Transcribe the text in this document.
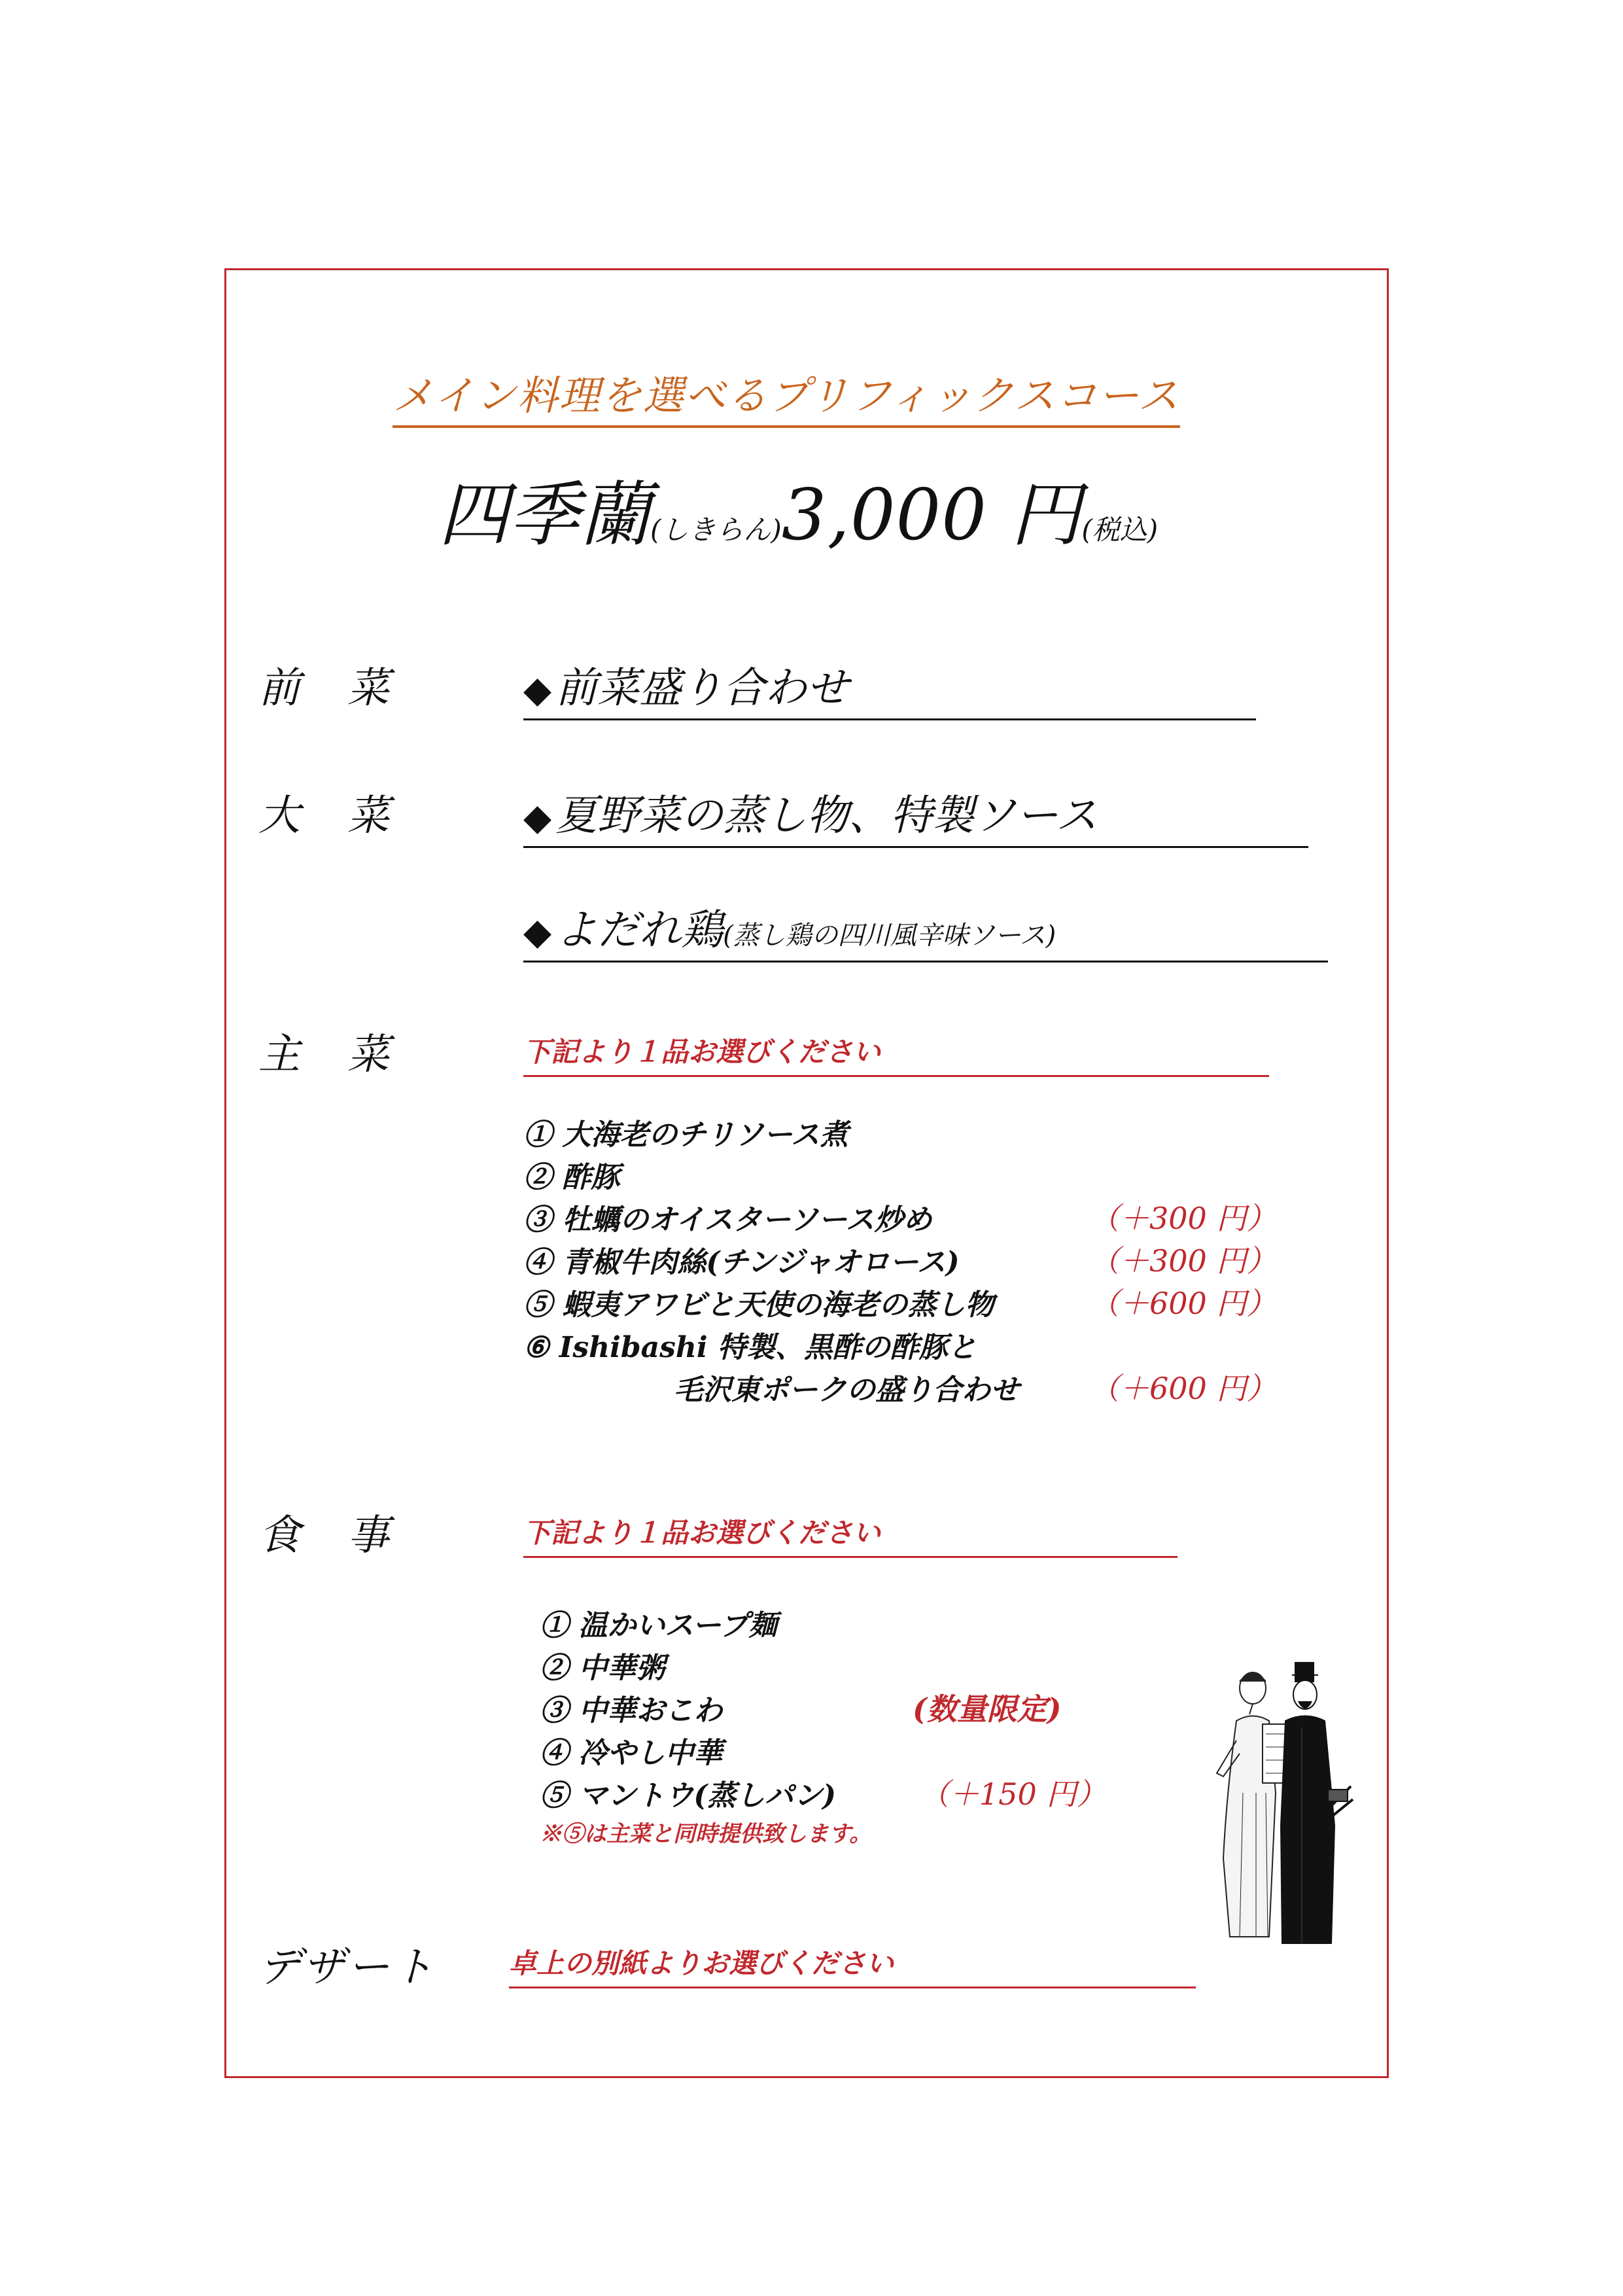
メイン料理を選べるプリフィックスコース
四季蘭(しきらん)3,000 円(税込)
前　菜	◆前菜盛り合わせ
大　菜	◆夏野菜の蒸し物、特製ソース
◆よだれ鶏(蒸し鶏の四川風辛味ソース)
主　菜	下記より１品お選びください
① 大海老のチリソース煮
② 酢豚
③ 牡蠣のオイスターソース炒め	（＋300 円）
④ 青椒牛肉絲(チンジャオロース)	（＋300 円）
⑤ 蝦夷アワビと天使の海老の蒸し物	（＋600 円）
⑥ Ishibashi 特製、黒酢の酢豚と
毛沢東ポークの盛り合わせ （＋600 円）
食　事	下記より１品お選びください
① 温かいスープ麺
② 中華粥
③ 中華おこわ	(数量限定)
④ 冷やし中華
⑤ マントウ(蒸しパン)	（＋150 円）
※⑤は主菜と同時提供致します。
デザート	卓上の別紙よりお選びください
